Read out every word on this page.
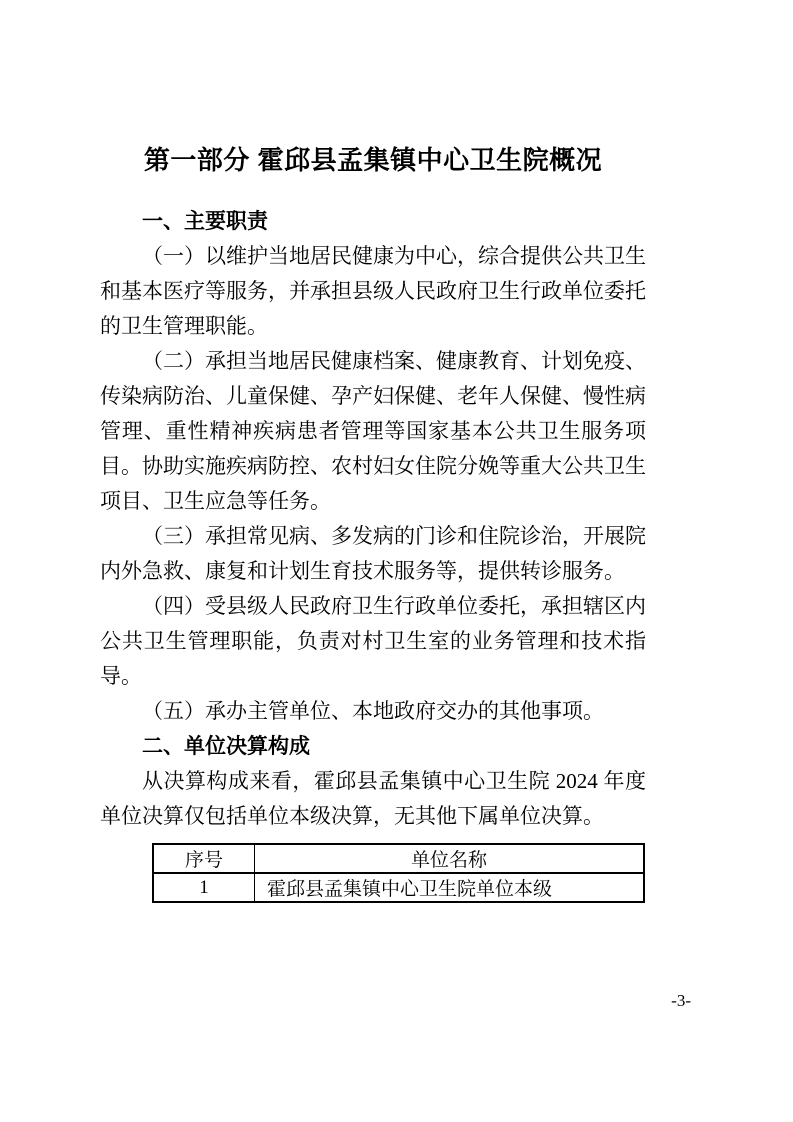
第一部分 霍邱县孟集镇中心卫生院概况
一、主要职责

（一）以维护当地居民健康为中心，综合提供公共卫生和基本医疗等服务，并承担县级人民政府卫生行政单位委托的卫生管理职能。

（二）承担当地居民健康档案、健康教育、计划免疫、传染病防治、儿童保健、孕产妇保健、老年人保健、慢性病管理、重性精神疾病患者管理等国家基本公共卫生服务项目。协助实施疾病防控、农村妇女住院分娩等重大公共卫生项目、卫生应急等任务。

（三）承担常见病、多发病的门诊和住院诊治，开展院内外急救、康复和计划生育技术服务等，提供转诊服务。

（四）受县级人民政府卫生行政单位委托，承担辖区内公共卫生管理职能，负责对村卫生室的业务管理和技术指导。

（五）承办主管单位、本地政府交办的其他事项。

二、单位决算构成

从决算构成来看，霍邱县孟集镇中心卫生院 2024 年度单位决算仅包括单位本级决算，无其他下属单位决算。

序号	单位名称
1	霍邱县孟集镇中心卫生院单位本级
-3-
